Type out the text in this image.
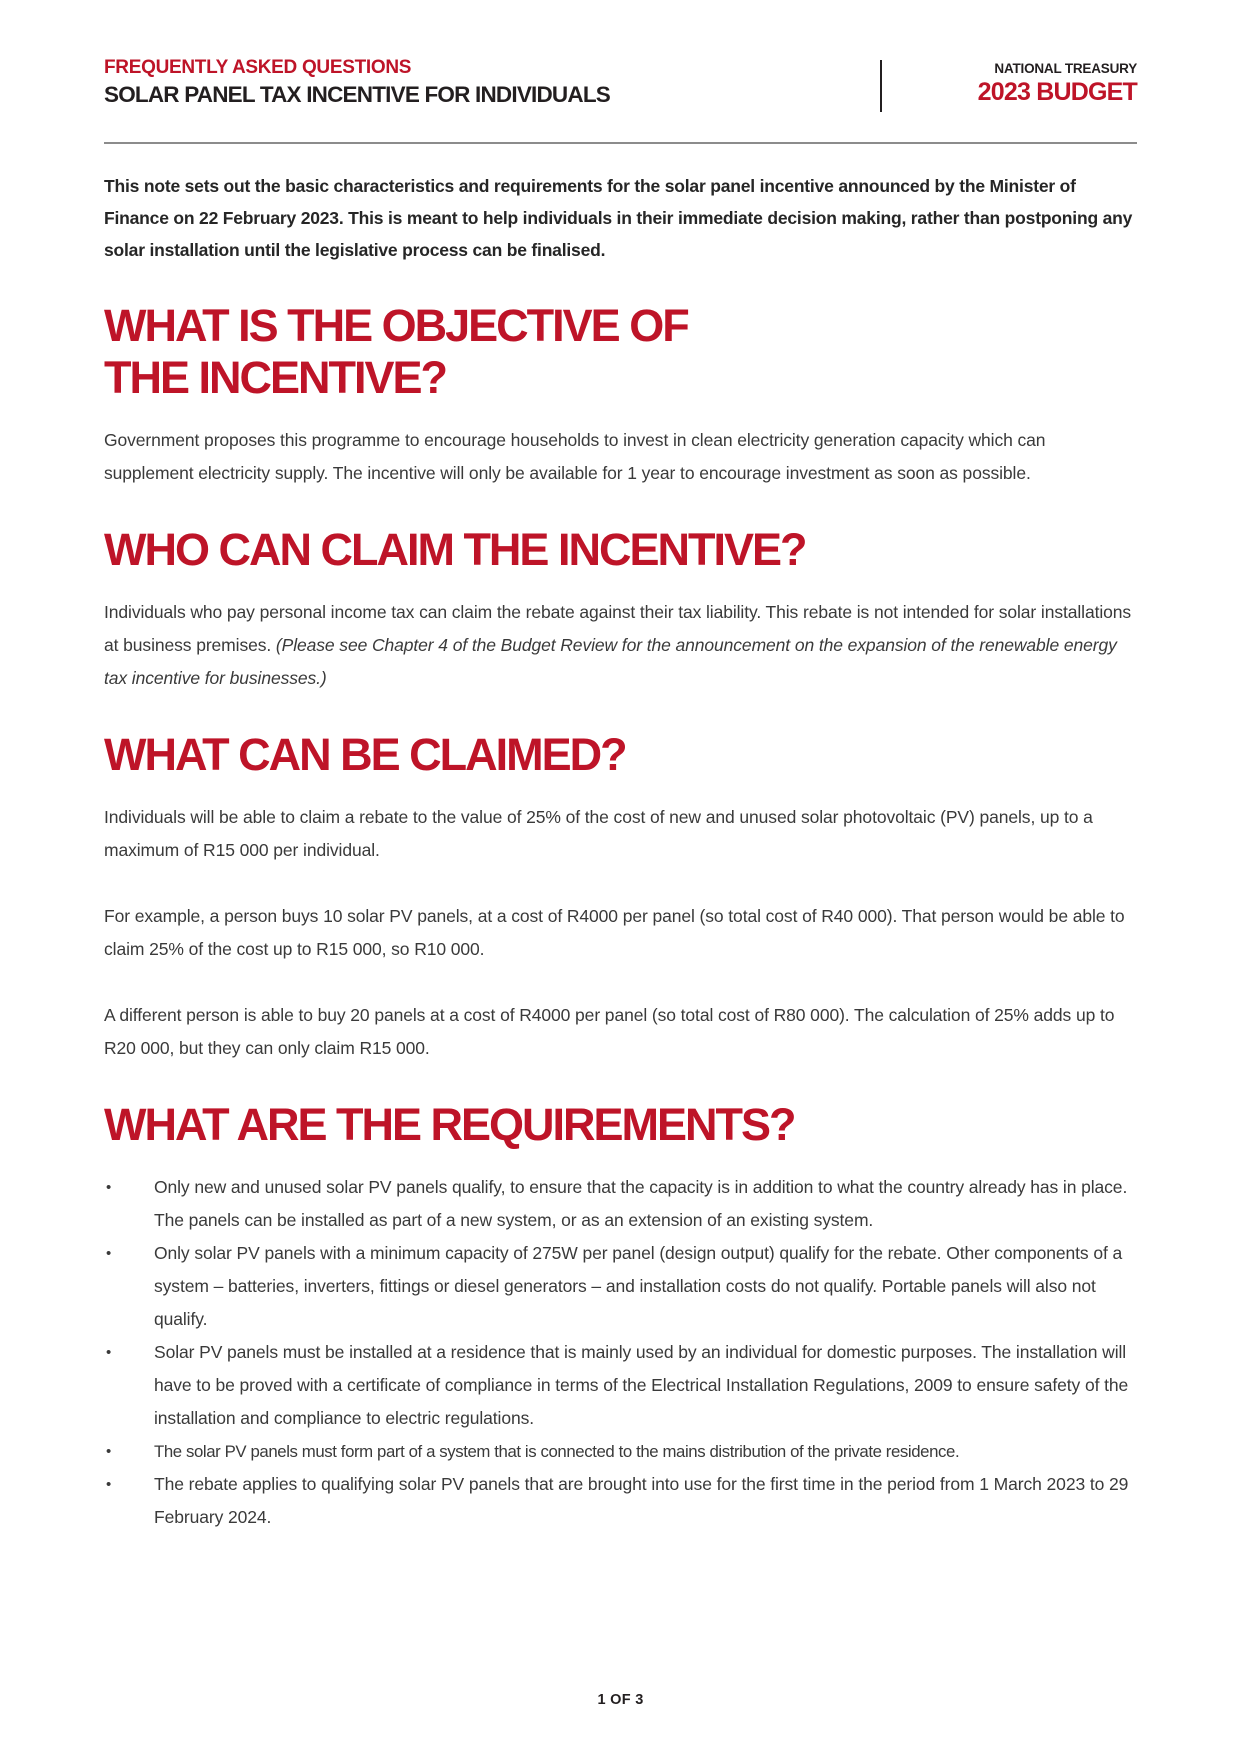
FREQUENTLY ASKED QUESTIONS
SOLAR PANEL TAX INCENTIVE FOR INDIVIDUALS
NATIONAL TREASURY
2023 BUDGET

This note sets out the basic characteristics and requirements for the solar panel incentive announced by the Minister of Finance on 22 February 2023. This is meant to help individuals in their immediate decision making, rather than postponing any solar installation until the legislative process can be finalised.

WHAT IS THE OBJECTIVE OF
THE INCENTIVE?

Government proposes this programme to encourage households to invest in clean electricity generation capacity which can supplement electricity supply. The incentive will only be available for 1 year to encourage investment as soon as possible.

WHO CAN CLAIM THE INCENTIVE?

Individuals who pay personal income tax can claim the rebate against their tax liability. This rebate is not intended for solar installations at business premises. (Please see Chapter 4 of the Budget Review for the announcement on the expansion of the renewable energy tax incentive for businesses.)

WHAT CAN BE CLAIMED?

Individuals will be able to claim a rebate to the value of 25% of the cost of new and unused solar photovoltaic (PV) panels, up to a maximum of R15 000 per individual.

For example, a person buys 10 solar PV panels, at a cost of R4000 per panel (so total cost of R40 000). That person would be able to claim 25% of the cost up to R15 000, so R10 000.

A different person is able to buy 20 panels at a cost of R4000 per panel (so total cost of R80 000). The calculation of 25% adds up to R20 000, but they can only claim R15 000.

WHAT ARE THE REQUIREMENTS?
• Only new and unused solar PV panels qualify, to ensure that the capacity is in addition to what the country already has in place. The panels can be installed as part of a new system, or as an extension of an existing system.
• Only solar PV panels with a minimum capacity of 275W per panel (design output) qualify for the rebate. Other components of a system – batteries, inverters, fittings or diesel generators – and installation costs do not qualify. Portable panels will also not qualify.
• Solar PV panels must be installed at a residence that is mainly used by an individual for domestic purposes. The installation will have to be proved with a certificate of compliance in terms of the Electrical Installation Regulations, 2009 to ensure safety of the installation and compliance to electric regulations.
• The solar PV panels must form part of a system that is connected to the mains distribution of the private residence.
• The rebate applies to qualifying solar PV panels that are brought into use for the first time in the period from 1 March 2023 to 29 February 2024.
1 OF 3
